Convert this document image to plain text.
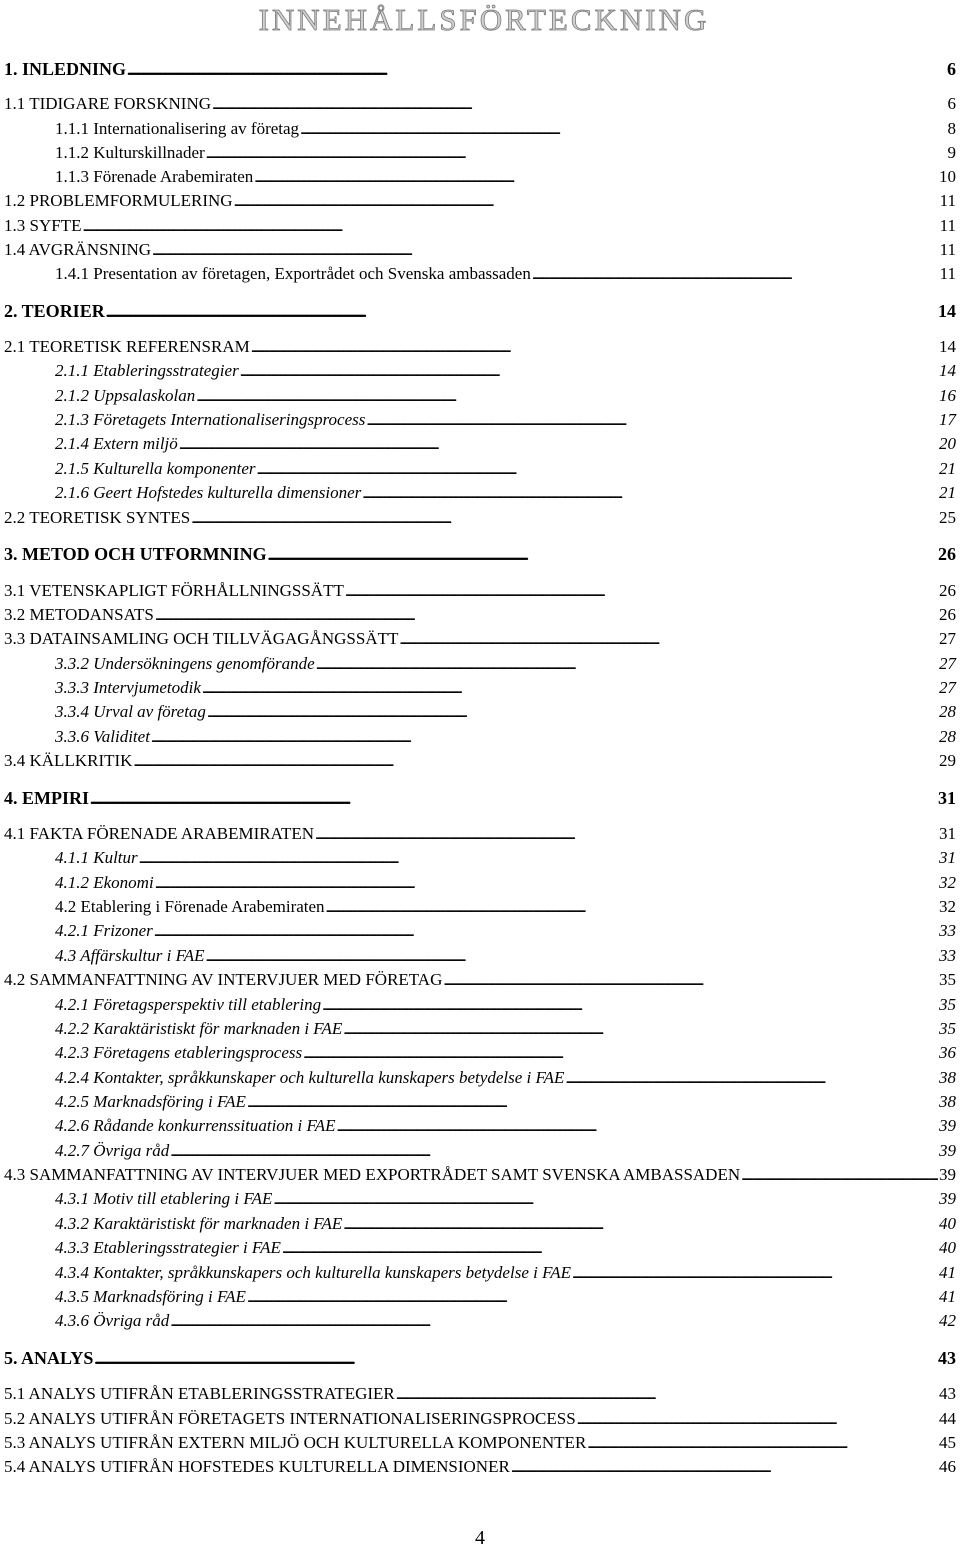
INNEHÅLLSFÖRTECKNING
1. INLEDNING . . .	6
1.1 TIDIGARE FORSKNING . . .	6
1.1.1 Internationalisering av företag . . .	8
1.1.2 Kulturskillnader . . .	9
1.1.3 Förenade Arabemiraten . . .	10
1.2 PROBLEMFORMULERING . . .	11
1.3 SYFTE . . .	11
1.4 AVGRÄNSNING . . .	11
1.4.1 Presentation av företagen, Exportrådet och Svenska ambassaden . . .	11
2. TEORIER . . .	14
2.1 TEORETISK REFERENSRAM . . .	14
2.1.1 Etableringsstrategier . . .	14
2.1.2 Uppsalaskolan . . .	16
2.1.3 Företagets Internationaliseringsprocess . . .	17
2.1.4 Extern miljö . . .	20
2.1.5 Kulturella komponenter . . .	21
2.1.6 Geert Hofstedes kulturella dimensioner . . .	21
2.2 TEORETISK SYNTES . . .	25
3. METOD OCH UTFORMNING . . .	26
3.1 VETENSKAPLIGT FÖRHÅLLNINGSSÄTT . . .	26
3.2 METODANSATS . . .	26
3.3 DATAINSAMLING OCH TILLVÄGAGÅNGSSÄTT . . .	27
3.3.2 Undersökningens genomförande . . .	27
3.3.3 Intervjumetodik . . .	27
3.3.4 Urval av företag . . .	28
3.3.6 Validitet . . .	28
3.4 KÄLLKRITIK . . .	29
4. EMPIRI . . .	31
4.1 FAKTA FÖRENADE ARABEMIRATEN . . .	31
4.1.1 Kultur . . .	31
4.1.2 Ekonomi . . .	32
4.2 Etablering i Förenade Arabemiraten . . .	32
4.2.1 Frizoner . . .	33
4.3 Affärskultur i FAE . . .	33
4.2 SAMMANFATTNING AV INTERVJUER MED FÖRETAG . . .	35
4.2.1 Företagsperspektiv till etablering . . .	35
4.2.2 Karaktäristiskt för marknaden i FAE . . .	35
4.2.3 Företagens etableringsprocess . . .	36
4.2.4 Kontakter, språkkunskaper och kulturella kunskapers betydelse i FAE . . .	38
4.2.5 Marknadsföring i FAE . . .	38
4.2.6 Rådande konkurrenssituation i FAE . . .	39
4.2.7 Övriga råd . . .	39
4.3 SAMMANFATTNING AV INTERVJUER MED EXPORTRÅDET SAMT SVENSKA AMBASSADEN . . .	39
4.3.1 Motiv till etablering i FAE . . .	39
4.3.2 Karaktäristiskt för marknaden i FAE . . .	40
4.3.3 Etableringsstrategier i FAE . . .	40
4.3.4 Kontakter, språkkunskapers och kulturella kunskapers betydelse i FAE . . .	41
4.3.5 Marknadsföring i FAE . . .	41
4.3.6 Övriga råd . . .	42
5. ANALYS . . .	43
5.1 ANALYS UTIFRÅN ETABLERINGSSTRATEGIER . . .	43
5.2 ANALYS UTIFRÅN FÖRETAGETS INTERNATIONALISERINGSPROCESS . . .	44
5.3 ANALYS UTIFRÅN EXTERN MILJÖ OCH KULTURELLA KOMPONENTER . . .	45
5.4 ANALYS UTIFRÅN HOFSTEDES KULTURELLA DIMENSIONER . . .	46
4
